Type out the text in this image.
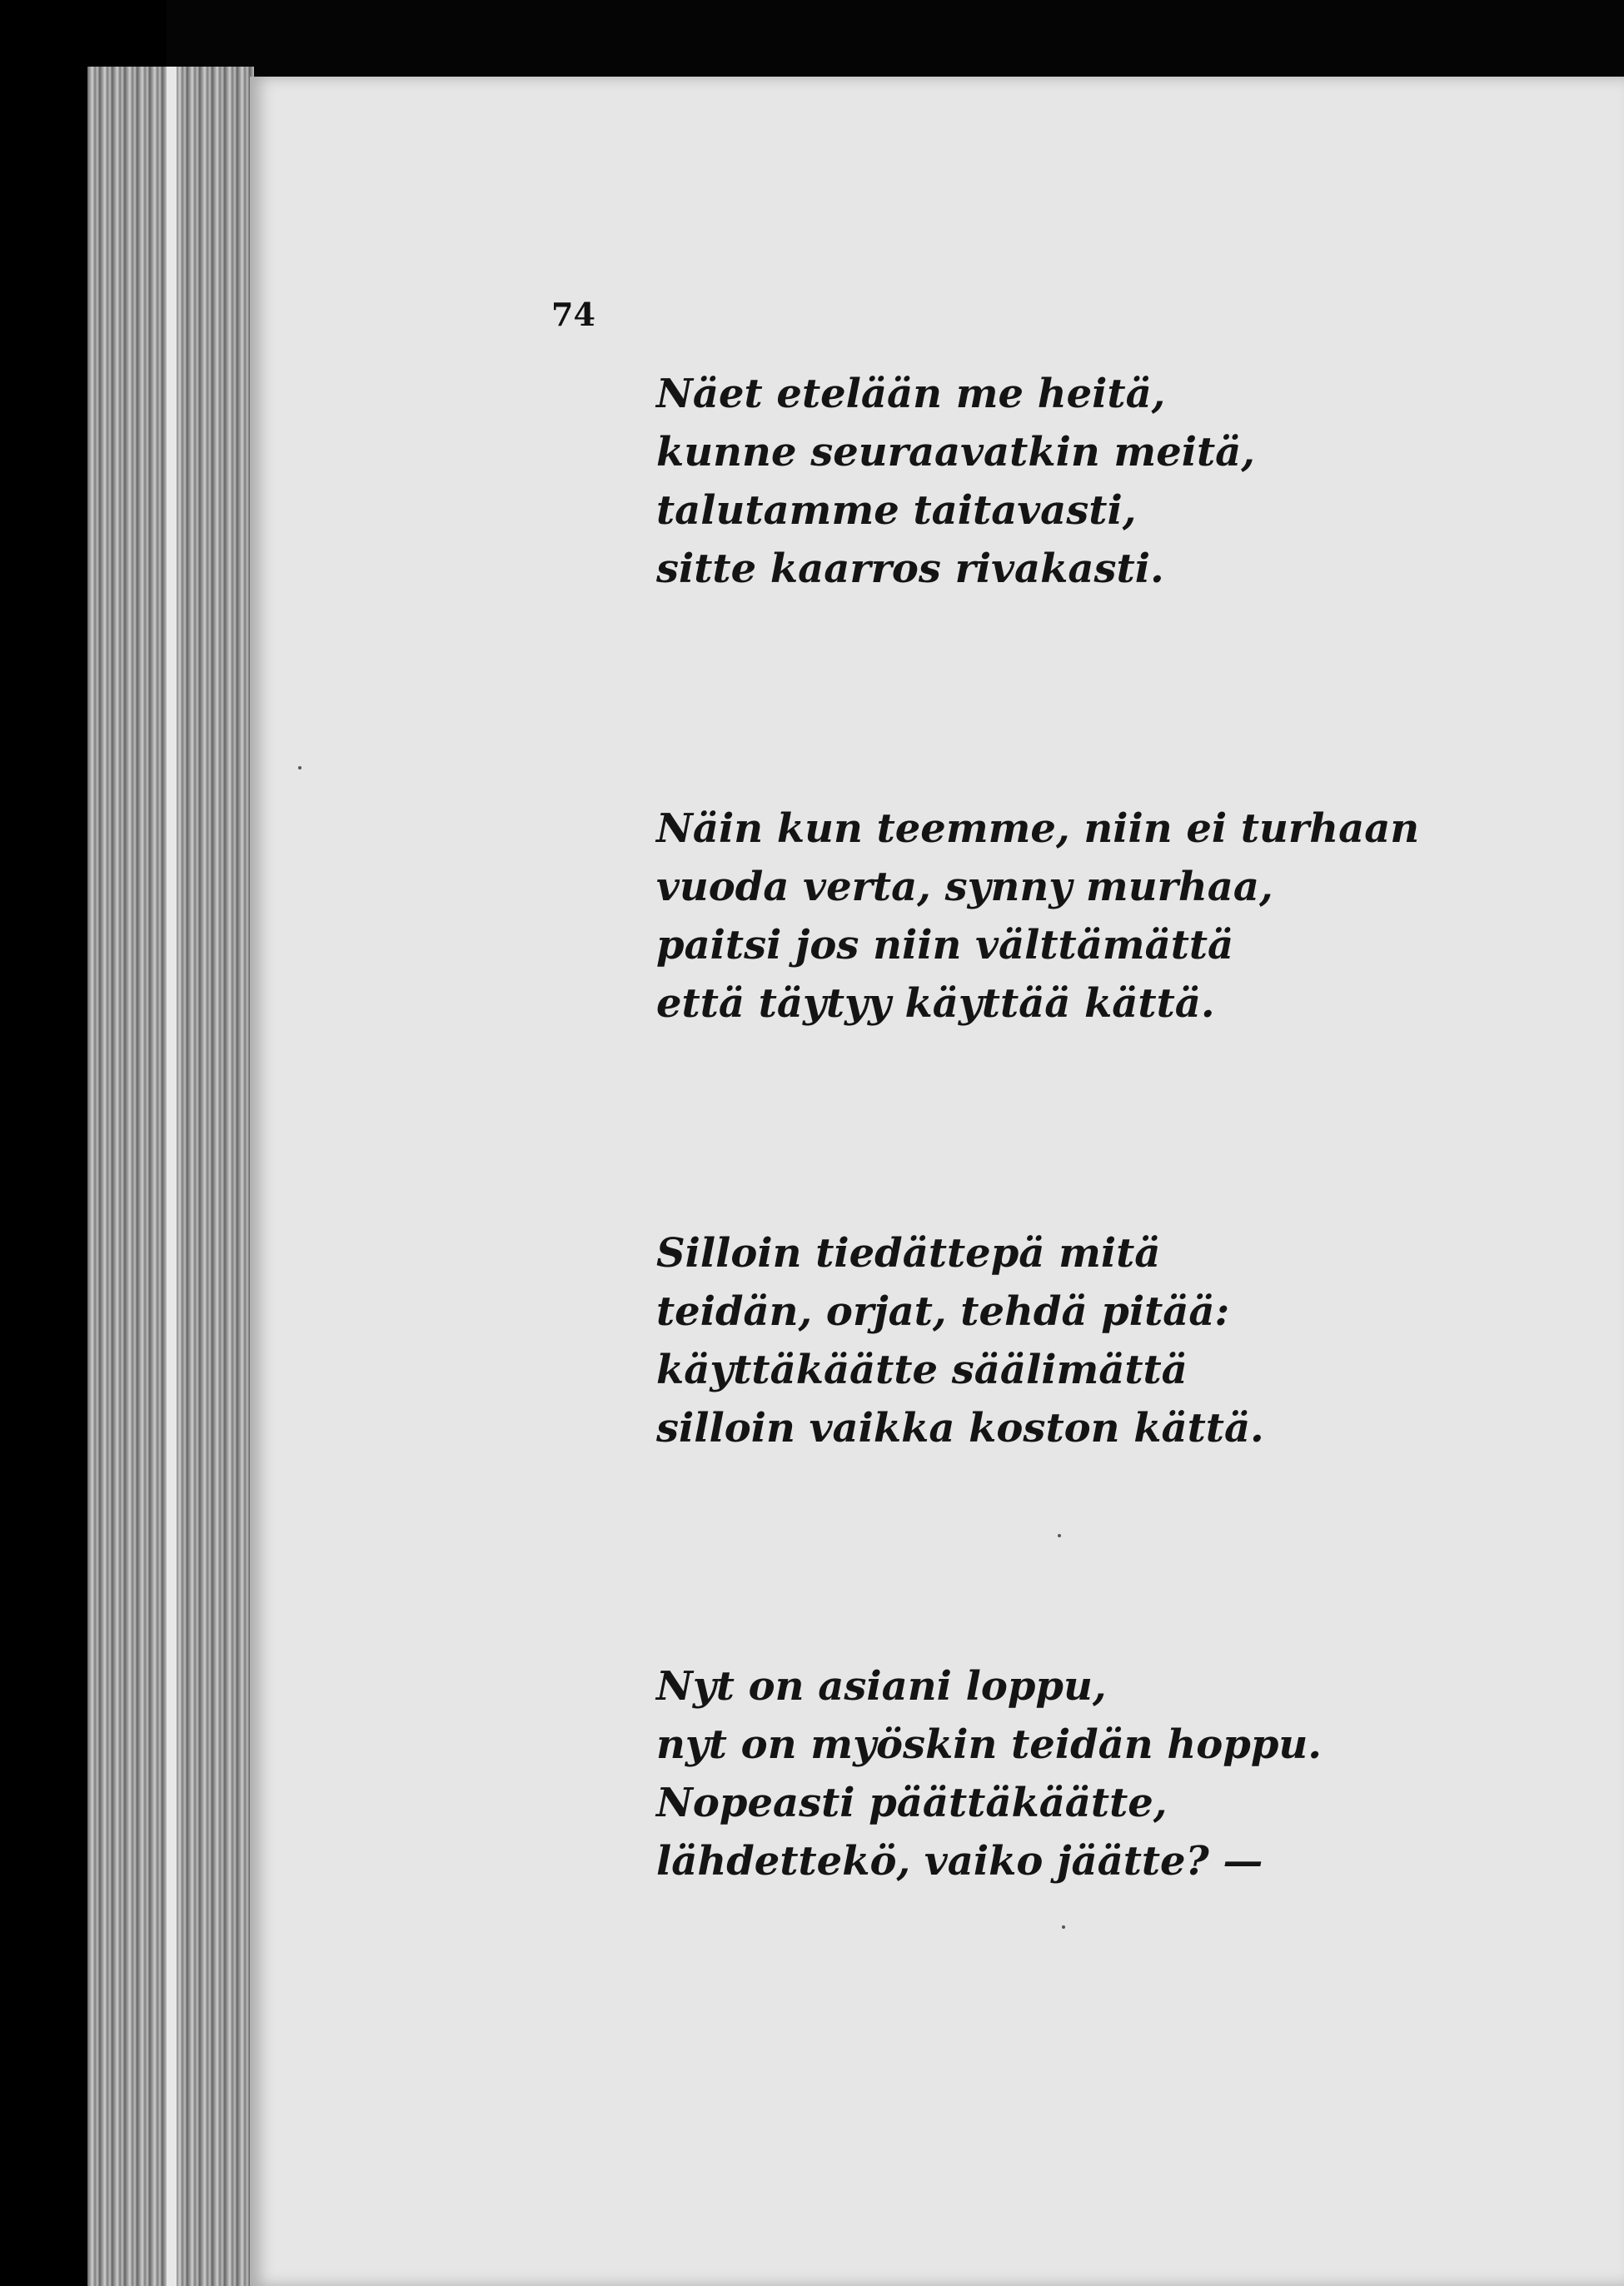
74
Näet etelään me heitä,
kunne seuraavatkin meitä,
talutamme taitavasti,
sitte kaarros rivakasti.
Näin kun teemme, niin ei turhaan
vuoda verta, synny murhaa,
paitsi jos niin välttämättä
että täytyy käyttää kättä.
Silloin tiedättepä mitä
teidän, orjat, tehdä pitää:
käyttäkäätte säälimättä
silloin vaikka koston kättä.
Nyt on asiani loppu,
nyt on myöskin teidän hoppu.
Nopeasti päättäkäätte,
lähdettekö, vaiko jäätte? —
